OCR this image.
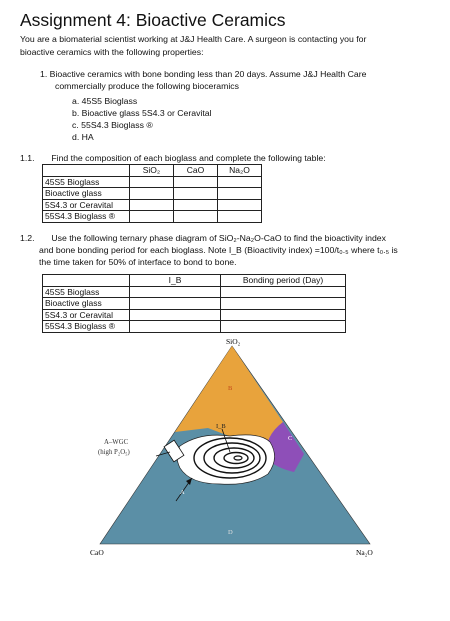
Assignment 4: Bioactive Ceramics
You are a biomaterial scientist working at J&J Health Care. A surgeon is contacting you for
bioactive ceramics with the following properties:
1. Bioactive ceramics with bone bonding less than 20 days. Assume J&J Health Care
commercially produce the following bioceramics
a. 45S5 Bioglass
b. Bioactive glass 5S4.3 or Ceravital
c. 55S4.3 Bioglass ®
d. HA
1.1. Find the composition of each bioglass and complete the following table:
	SiO₂	CaO	Na₂O
45S5 Bioglass			
Bioactive glass			
5S4.3 or Ceravital			
55S4.3 Bioglass ®			
1.2. Use the following ternary phase diagram of SiO₂-Na₂O-CaO to find the bioactivity index
and bone bonding period for each bioglass. Note I_B (Bioactivity index) =100/t₀.₅ where t₀.₅ is
the time taken for 50% of interface to bond to bone.
	I_B	Bonding period (Day)
45S5 Bioglass		
Bioactive glass		
5S4.3 or Ceravital		
55S4.3 Bioglass ®		
SiO₂
CaO	Na₂O
B
C
D
A
I_B
A–WGC
(high P₂O₅)
